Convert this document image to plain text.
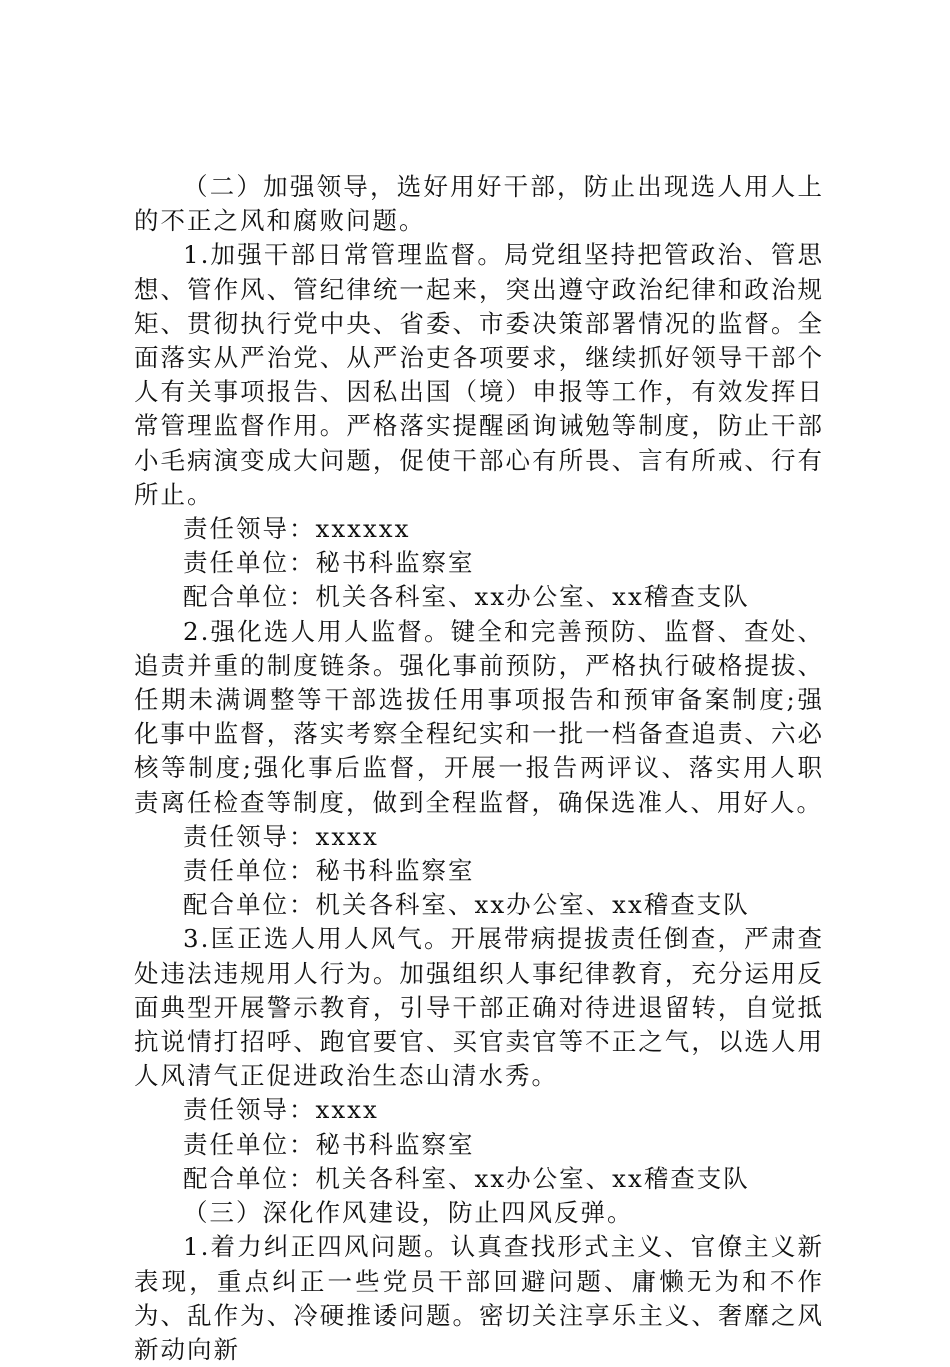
（二）加强领导，选好用好干部，防止出现选人用人上的不正之风和腐败问题。

1.加强干部日常管理监督。局党组坚持把管政治、管思想、管作风、管纪律统一起来，突出遵守政治纪律和政治规矩、贯彻执行党中央、省委、市委决策部署情况的监督。全面落实从严治党、从严治吏各项要求，继续抓好领导干部个人有关事项报告、因私出国（境）申报等工作，有效发挥日常管理监督作用。严格落实提醒函询诫勉等制度，防止干部小毛病演变成大问题，促使干部心有所畏、言有所戒、行有所止。

责任领导：xxxxxx

责任单位：秘书科监察室

配合单位：机关各科室、xx办公室、xx稽查支队

2.强化选人用人监督。键全和完善预防、监督、查处、追责并重的制度链条。强化事前预防，严格执行破格提拔、任期未满调整等干部选拔任用事项报告和预审备案制度;强化事中监督，落实考察全程纪实和一批一档备查追责、六必核等制度;强化事后监督，开展一报告两评议、落实用人职责离任检查等制度，做到全程监督，确保选准人、用好人。

责任领导：xxxx

责任单位：秘书科监察室

配合单位：机关各科室、xx办公室、xx稽查支队

3.匡正选人用人风气。开展带病提拔责任倒查，严肃查处违法违规用人行为。加强组织人事纪律教育，充分运用反面典型开展警示教育，引导干部正确对待进退留转，自觉抵抗说情打招呼、跑官要官、买官卖官等不正之气，以选人用人风清气正促进政治生态山清水秀。

责任领导：xxxx

责任单位：秘书科监察室

配合单位：机关各科室、xx办公室、xx稽查支队

（三）深化作风建设，防止四风反弹。

1.着力纠正四风问题。认真查找形式主义、官僚主义新表现，重点纠正一些党员干部回避问题、庸懒无为和不作为、乱作为、冷硬推诿问题。密切关注享乐主义、奢靡之风新动向新
